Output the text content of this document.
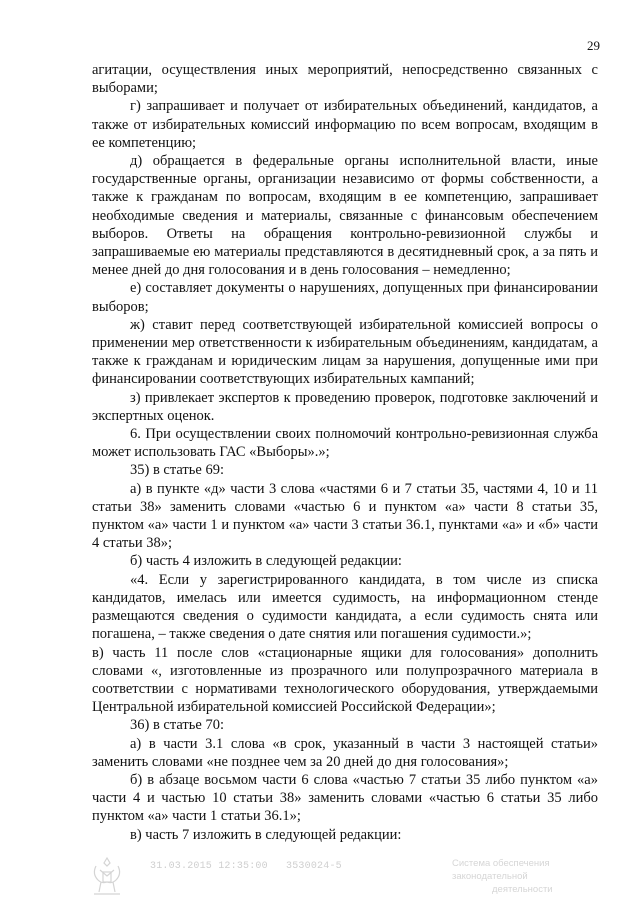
29

агитации, осуществления иных мероприятий, непосредственно связанных с выборами;

г) запрашивает и получает от избирательных объединений, кандидатов, а также от избирательных комиссий информацию по всем вопросам, входящим в ее компетенцию;

д) обращается в федеральные органы исполнительной власти, иные государственные органы, организации независимо от формы собственности, а также к гражданам по вопросам, входящим в ее компетенцию, запрашивает необходимые сведения и материалы, связанные с финансовым обеспечением выборов. Ответы на обращения контрольно-ревизионной службы и запрашиваемые ею материалы представляются в десятидневный срок, а за пять и менее дней до дня голосования и в день голосования – немедленно;

е) составляет документы о нарушениях, допущенных при финансировании выборов;

ж) ставит перед соответствующей избирательной комиссией вопросы о применении мер ответственности к избирательным объединениям, кандидатам, а также к гражданам и юридическим лицам за нарушения, допущенные ими при финансировании соответствующих избирательных кампаний;

з) привлекает экспертов к проведению проверок, подготовке заключений и экспертных оценок.

6. При осуществлении своих полномочий контрольно-ревизионная служба может использовать ГАС «Выборы».»;

35) в статье 69:

а) в пункте «д» части 3 слова «частями 6 и 7 статьи 35, частями 4, 10 и 11 статьи 38» заменить словами «частью 6 и пунктом «а» части 8 статьи 35, пунктом «а» части 1 и пунктом «а» части 3 статьи 36.1, пунктами «а» и «б» части 4 статьи 38»;

б) часть 4 изложить в следующей редакции:

«4. Если у зарегистрированного кандидата, в том числе из списка кандидатов, имелась или имеется судимость, на информационном стенде размещаются сведения о судимости кандидата, а если судимость снята или погашена, – также сведения о дате снятия или погашения судимости.»;

в) часть 11 после слов «стационарные ящики для голосования» дополнить словами «, изготовленные из прозрачного или полупрозрачного материала в соответствии с нормативами технологического оборудования, утверждаемыми Центральной избирательной комиссией Российской Федерации»;

36) в статье 70:

а) в части 3.1 слова «в срок, указанный в части 3 настоящей статьи» заменить словами «не позднее чем за 20 дней до дня голосования»;

б) в абзаце восьмом части 6 слова «частью 7 статьи 35 либо пунктом «а» части 4 и частью 10 статьи 38» заменить словами «частью 6 статьи 35 либо пунктом «а» части 1 статьи 36.1»;

в) часть 7 изложить в следующей редакции:

31.03.2015 12:35:00 3530024-5	Система обеспечения законодательной
деятельности
